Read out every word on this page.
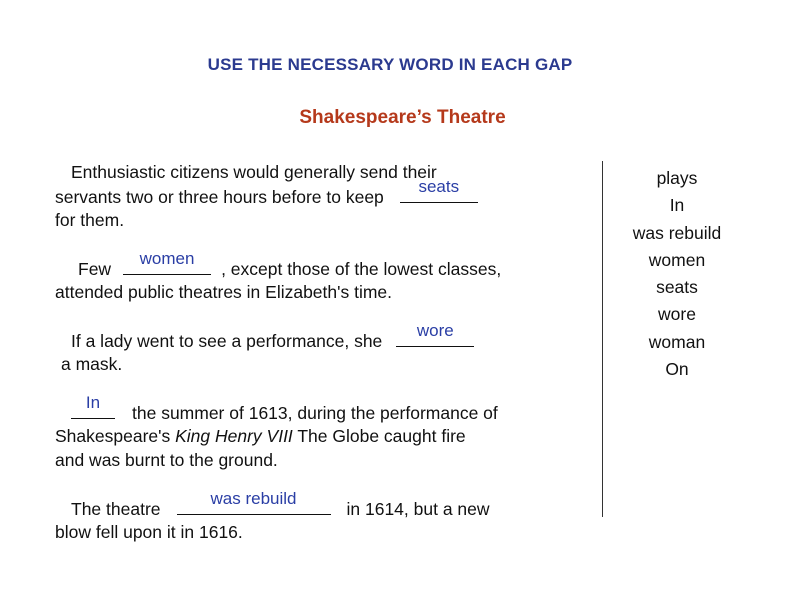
USE THE NECESSARY WORD IN EACH GAP
Shakespeare’s Theatre
Enthusiastic citizens would generally send their
servants two or three hours before to keep
seats
for them.
Few
women
, except those of the lowest classes,
attended public theatres in Elizabeth's time.
If a lady went to see a performance, she
wore
a mask.
In
the summer of 1613, during the performance of
Shakespeare's King Henry VIII The Globe caught fire
and was burnt to the ground.
The theatre
was rebuild
in 1614, but a new
blow fell upon it in 1616.
plays
In
was rebuild
women
seats
wore
woman
On
